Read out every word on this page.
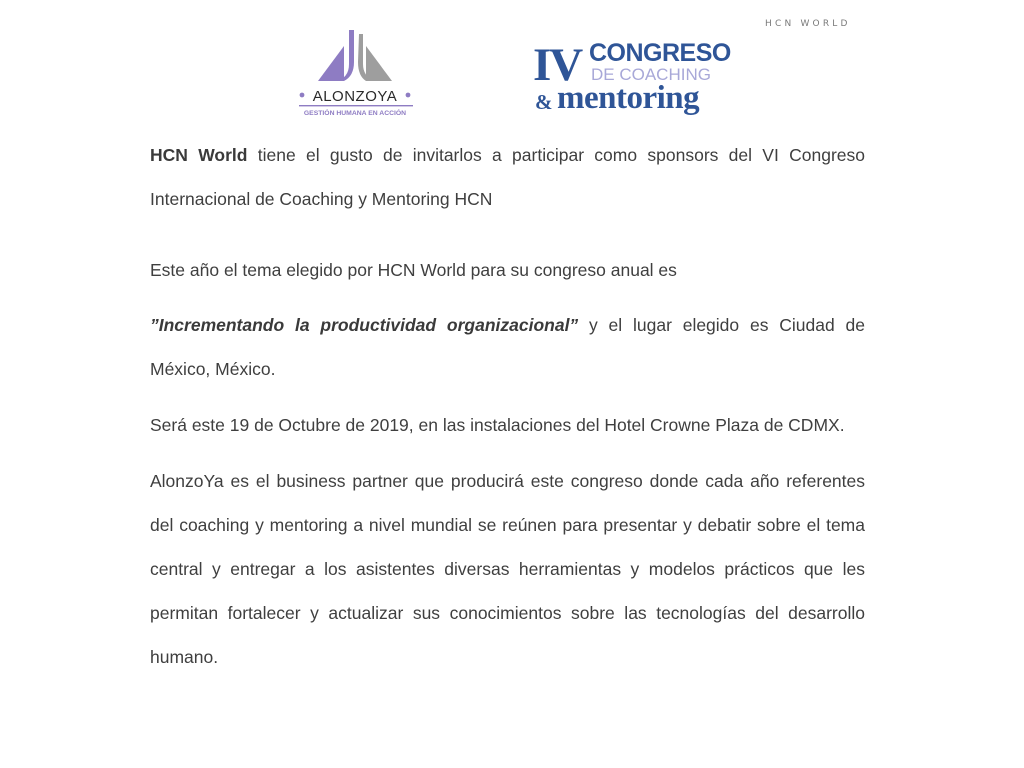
HCN WORLD
ALONZOYA
GESTIÓN HUMANA EN ACCIÓN
IV CONGRESO
DE COACHING
& mentoring

HCN World tiene el gusto de invitarlos a participar como sponsors del VI Congreso Internacional de Coaching y Mentoring HCN

Este año el tema elegido por HCN World para su congreso anual es

”Incrementando la productividad organizacional” y el lugar elegido es Ciudad de México, México.

Será este 19 de Octubre de 2019, en las instalaciones del Hotel Crowne Plaza de CDMX.

AlonzoYa es el business partner que producirá este congreso donde cada año referentes del coaching y mentoring a nivel mundial se reúnen para presentar y debatir sobre el tema central y entregar a los asistentes diversas herramientas y modelos prácticos que les permitan fortalecer y actualizar sus conocimientos sobre las tecnologías del desarrollo humano.
